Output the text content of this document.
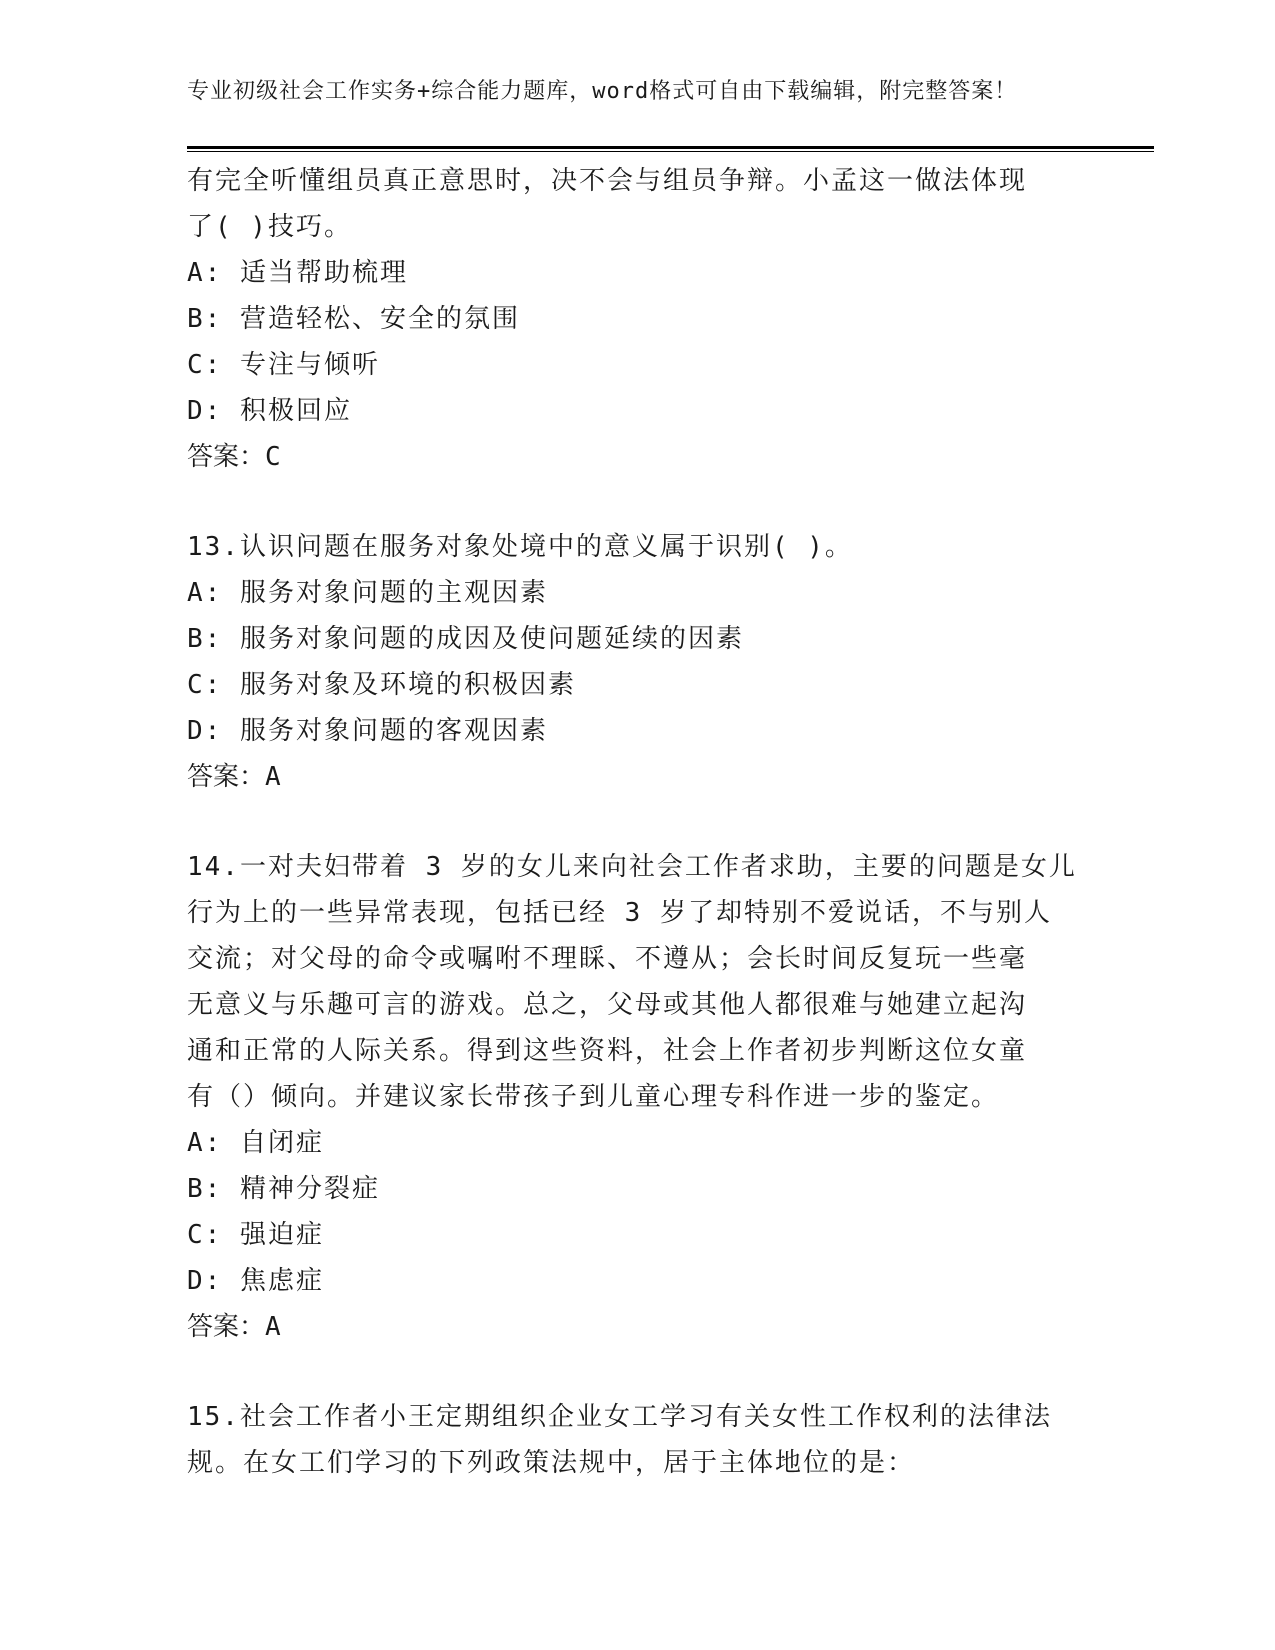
专业初级社会工作实务+综合能力题库，word格式可自由下载编辑，附完整答案！
有完全听懂组员真正意思时，决不会与组员争辩。小孟这一做法体现
了( )技巧。
A: 适当帮助梳理
B: 营造轻松、安全的氛围
C: 专注与倾听
D: 积极回应
答案：C
13.认识问题在服务对象处境中的意义属于识别( )。
A: 服务对象问题的主观因素
B: 服务对象问题的成因及使问题延续的因素
C: 服务对象及环境的积极因素
D: 服务对象问题的客观因素
答案：A
14.一对夫妇带着 3 岁的女儿来向社会工作者求助，主要的问题是女儿
行为上的一些异常表现，包括已经 3 岁了却特别不爱说话，不与别人
交流；对父母的命令或嘱咐不理睬、不遵从；会长时间反复玩一些毫
无意义与乐趣可言的游戏。总之，父母或其他人都很难与她建立起沟
通和正常的人际关系。得到这些资料，社会上作者初步判断这位女童
有（）倾向。并建议家长带孩子到儿童心理专科作进一步的鉴定。
A: 自闭症
B: 精神分裂症
C: 强迫症
D: 焦虑症
答案：A
15.社会工作者小王定期组织企业女工学习有关女性工作权利的法律法
规。在女工们学习的下列政策法规中，居于主体地位的是：
